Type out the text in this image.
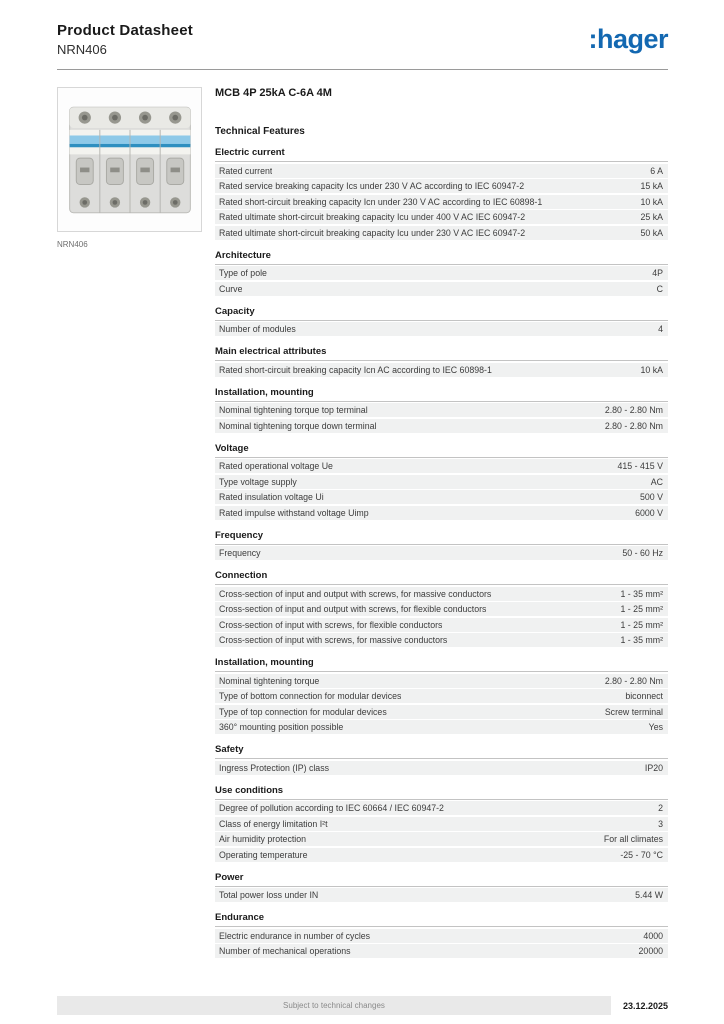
Product Datasheet
NRN406	:hager
NRN406
MCB 4P 25kA C-6A 4M
Technical Features
Electric current
Rated current	6 A
Rated service breaking capacity Ics under 230 V AC according to IEC 60947-2	15 kA
Rated short-circuit breaking capacity Icn under 230 V AC according to IEC 60898-1	10 kA
Rated ultimate short-circuit breaking capacity Icu under 400 V AC IEC 60947-2	25 kA
Rated ultimate short-circuit breaking capacity Icu under 230 V AC IEC 60947-2	50 kA
Architecture
Type of pole	4P
Curve	C
Capacity
Number of modules	4
Main electrical attributes
Rated short-circuit breaking capacity Icn AC according to IEC 60898-1	10 kA
Installation, mounting
Nominal tightening torque top terminal	2.80 - 2.80 Nm
Nominal tightening torque down terminal	2.80 - 2.80 Nm
Voltage
Rated operational voltage Ue	415 - 415 V
Type voltage supply	AC
Rated insulation voltage Ui	500 V
Rated impulse withstand voltage Uimp	6000 V
Frequency
Frequency	50 - 60 Hz
Connection
Cross-section of input and output with screws, for massive conductors	1 - 35 mm²
Cross-section of input and output with screws, for flexible conductors	1 - 25 mm²
Cross-section of input with screws, for flexible conductors	1 - 25 mm²
Cross-section of input with screws, for massive conductors	1 - 35 mm²
Installation, mounting
Nominal tightening torque	2.80 - 2.80 Nm
Type of bottom connection for modular devices	biconnect
Type of top connection for modular devices	Screw terminal
360° mounting position possible	Yes
Safety
Ingress Protection (IP) class	IP20
Use conditions
Degree of pollution according to IEC 60664 / IEC 60947-2	2
Class of energy limitation I²t	3
Air humidity protection	For all climates
Operating temperature	-25 - 70 °C
Power
Total power loss under IN	5.44 W
Endurance
Electric endurance in number of cycles	4000
Number of mechanical operations	20000
Subject to technical changes	23.12.2025
